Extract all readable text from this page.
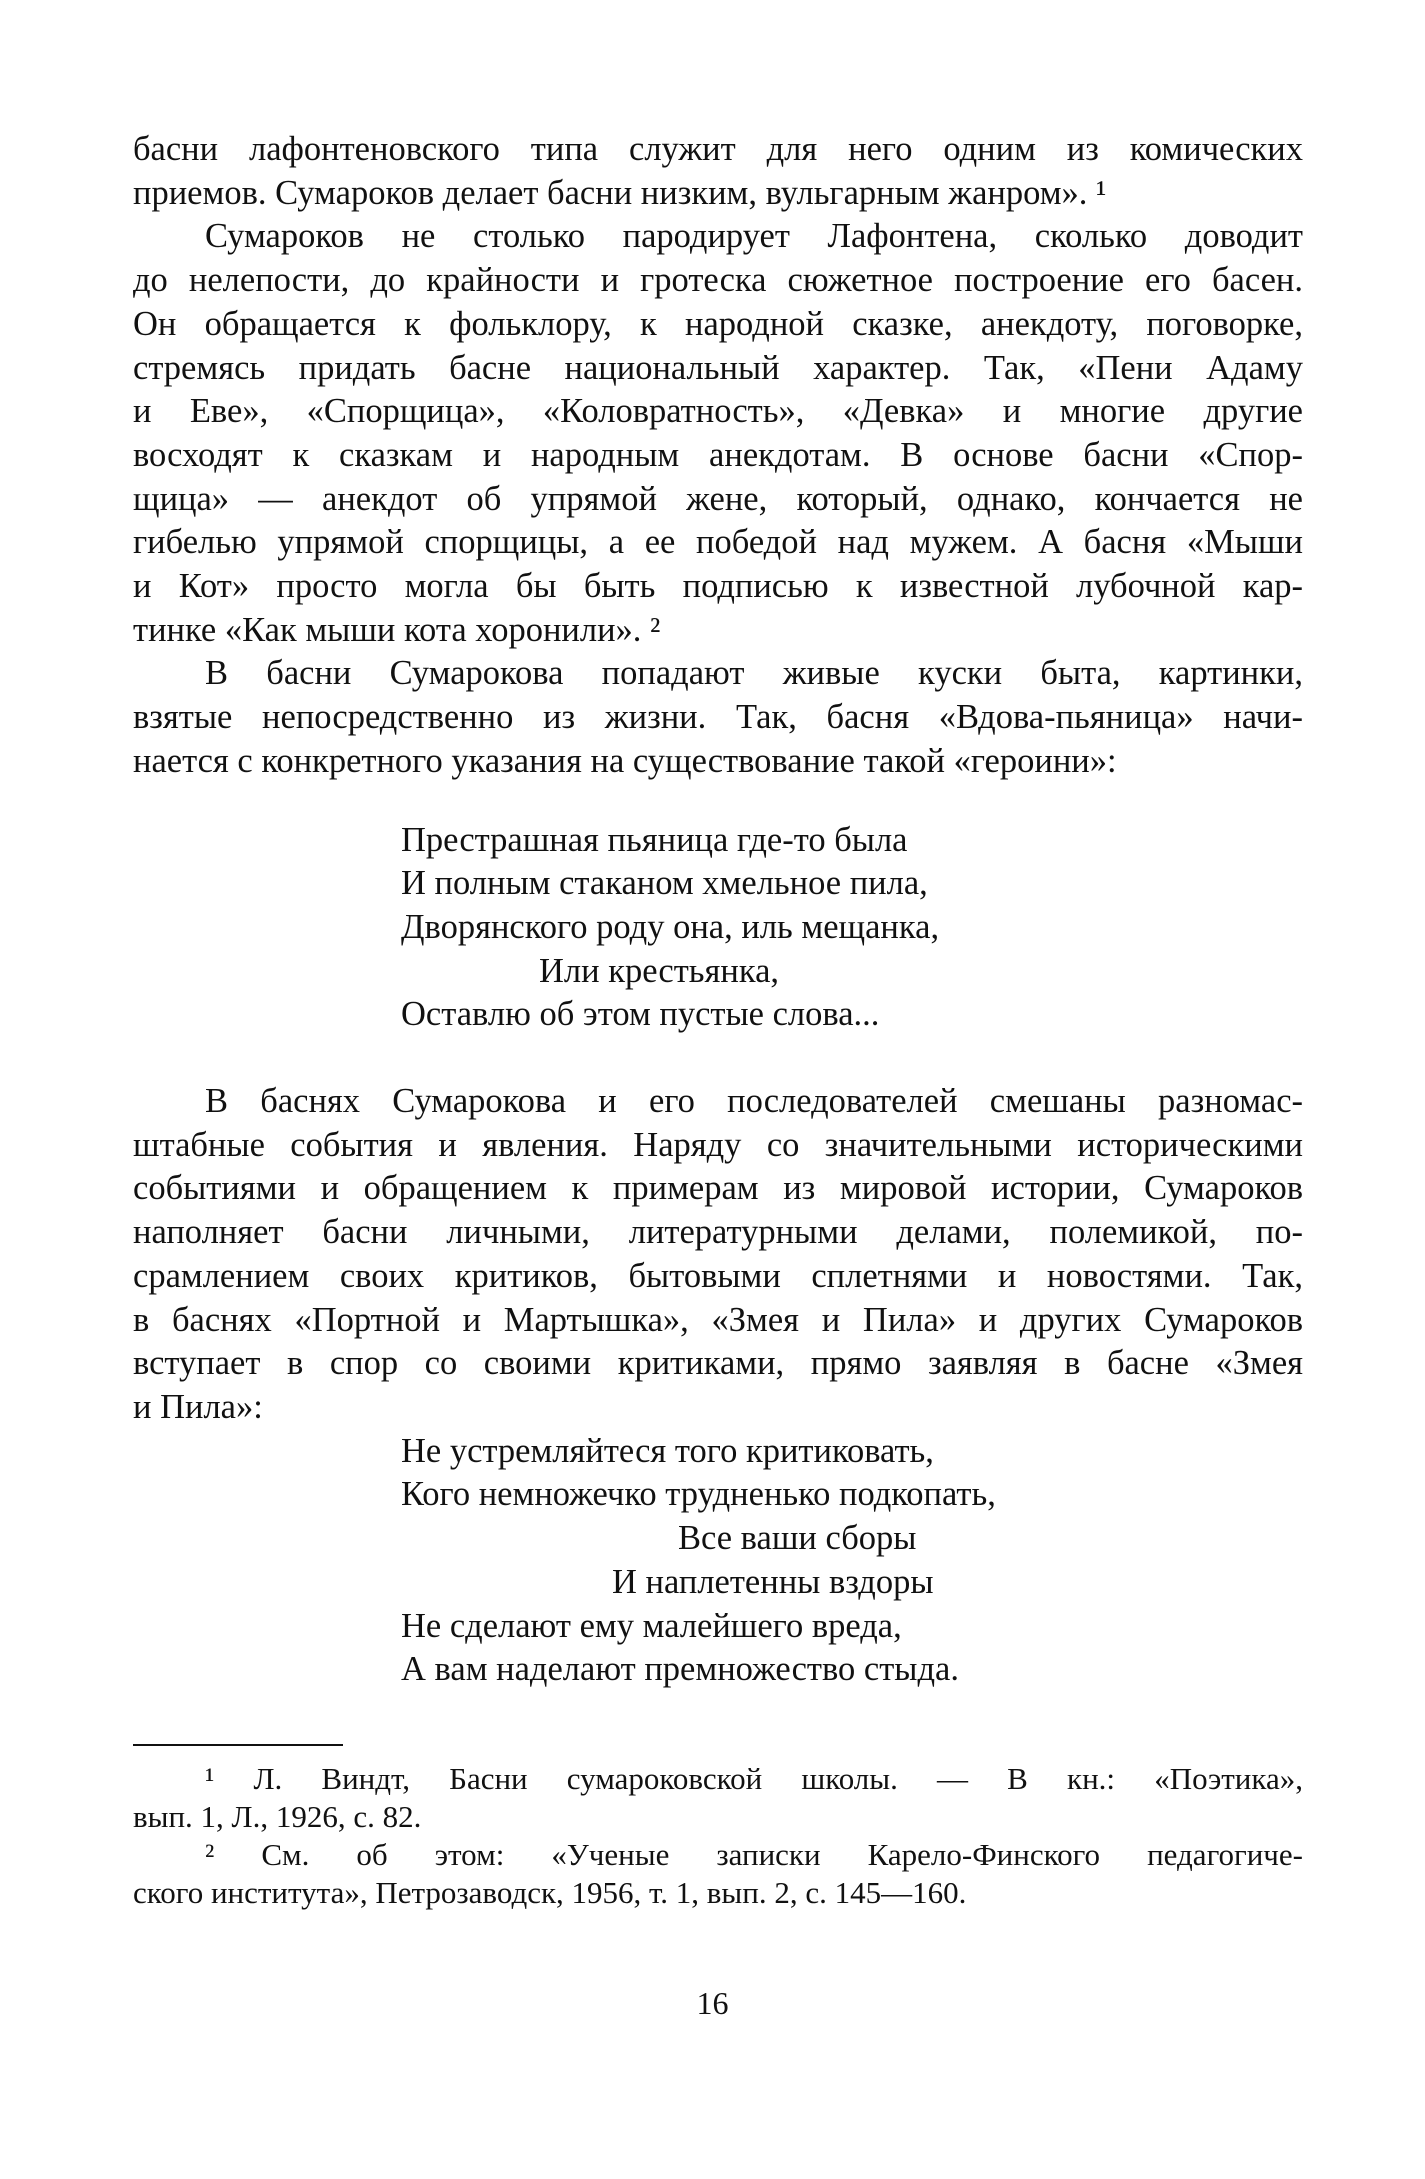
басни лафонтеновского типа служит для него одним из комических
приемов. Сумароков делает басни низким, вульгарным жанром». ¹
Сумароков не столько пародирует Лафонтена, сколько доводит
до нелепости, до крайности и гротеска сюжетное построение его басен.
Он обращается к фольклору, к народной сказке, анекдоту, поговорке,
стремясь придать басне национальный характер. Так, «Пени Адаму
и Еве», «Спорщица», «Коловратность», «Девка» и многие другие
восходят к сказкам и народным анекдотам. В основе басни «Спор-
щица» — анекдот об упрямой жене, который, однако, кончается не
гибелью упрямой спорщицы, а ее победой над мужем. А басня «Мыши
и Кот» просто могла бы быть подписью к известной лубочной кар-
тинке «Как мыши кота хоронили». ²
В басни Сумарокова попадают живые куски быта, картинки,
взятые непосредственно из жизни. Так, басня «Вдова-пьяница» начи-
нается с конкретного указания на существование такой «героини»:
Престрашная пьяница где-то была
И полным стаканом хмельное пила,
Дворянского роду она, иль мещанка,
Или крестьянка,
Оставлю об этом пустые слова...
В баснях Сумарокова и его последователей смешаны разномас-
штабные события и явления. Наряду со значительными историческими
событиями и обращением к примерам из мировой истории, Сумароков
наполняет басни личными, литературными делами, полемикой, по-
срамлением своих критиков, бытовыми сплетнями и новостями. Так,
в баснях «Портной и Мартышка», «Змея и Пила» и других Сумароков
вступает в спор со своими критиками, прямо заявляя в басне «Змея
и Пила»:
Не устремляйтеся того критиковать,
Кого немножечко трудненько подкопать,
Все ваши сборы
И наплетенны вздоры
Не сделают ему малейшего вреда,
А вам наделают премножество стыда.
¹ Л. Виндт, Басни сумароковской школы. — В кн.: «Поэтика»,
вып. 1, Л., 1926, с. 82.
² См. об этом: «Ученые записки Карело-Финского педагогиче-
ского института», Петрозаводск, 1956, т. 1, вып. 2, с. 145—160.
16
